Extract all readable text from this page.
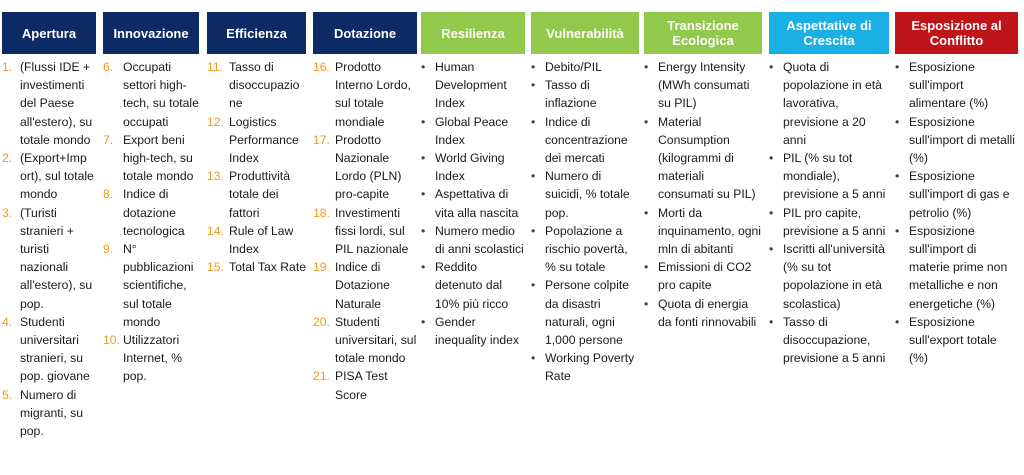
Apertura
1. (Flussi IDE + investimenti del Paese all'estero), su totale mondo
2. (Export+Imp ort), sul totale mondo
3. (Turisti stranieri + turisti nazionali all'estero), su pop.
4. Studenti universitari stranieri, su pop. giovane
5. Numero di migranti, su pop.
Innovazione
6. Occupati settori high-tech, su totale occupati
7. Export beni high-tech, su totale mondo
8. Indice di dotazione tecnologica
9. N° pubblicazioni scientifiche, sul totale mondo
10. Utilizzatori Internet, % pop.
Efficienza
11. Tasso di disoccupazio ne
12. Logistics Performance Index
13. Produttività totale dei fattori
14. Rule of Law Index
15. Total Tax Rate
Dotazione
16. Prodotto Interno Lordo, sul totale mondiale
17. Prodotto Nazionale Lordo (PLN) pro-capite
18. Investimenti fissi lordi, sul PIL nazionale
19. Indice di Dotazione Naturale
20. Studenti universitari, sul totale mondo
21. PISA Test Score
Resilienza
• Human Development Index
• Global Peace Index
• World Giving Index
• Aspettativa di vita alla nascita
• Numero medio di anni scolastici
• Reddito detenuto dal 10% più ricco
• Gender inequality index
Vulnerabilità
• Debito/PIL
• Tasso di inflazione
• Indice di concentrazione dei mercati
• Numero di suicidi, % totale pop.
• Popolazione a rischio povertà, % su totale
• Persone colpite da disastri naturali, ogni 1,000 persone
• Working Poverty Rate
Transizione Ecologica
• Energy Intensity (MWh consumati su PIL)
• Material Consumption (kilogrammi di materiali consumati su PIL)
• Morti da inquinamento, ogni mln di abitanti
• Emissioni di CO2 pro capite
• Quota di energia da fonti rinnovabili
Aspettative di Crescita
• Quota di popolazione in età lavorativa, previsione a 20 anni
• PIL (% su tot mondiale), previsione a 5 anni
• PIL pro capite, previsione a 5 anni
• Iscritti all'università (% su tot popolazione in età scolastica)
• Tasso di disoccupazione, previsione a 5 anni
Esposizione al Conflitto
• Esposizione sull'import alimentare (%)
• Esposizione sull'import di metalli (%)
• Esposizione sull'import di gas e petrolio (%)
• Esposizione sull'import di materie prime non metalliche e non energetiche (%)
• Esposizione sull'export totale (%)
